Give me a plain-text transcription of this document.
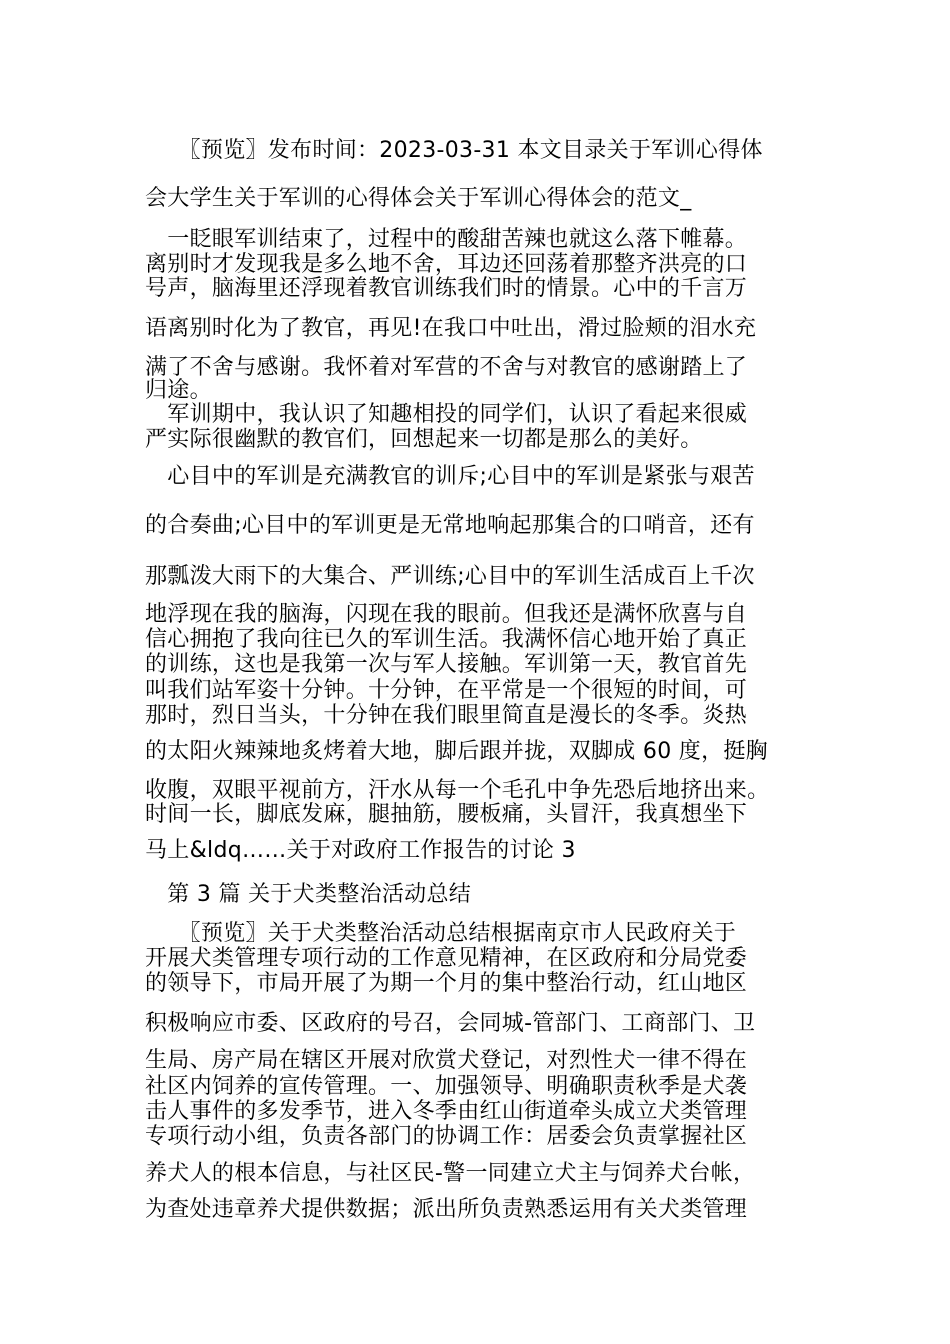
　　〖预览〗发布时间：2023-03-31 本文目录关于军训心得体
会大学生关于军训的心得体会关于军训心得体会的范文_
　一眨眼军训结束了，过程中的酸甜苦辣也就这么落下帷幕。
离别时才发现我是多么地不舍，耳边还回荡着那整齐洪亮的口
号声，脑海里还浮现着教官训练我们时的情景。心中的千言万
语离别时化为了教官，再见!在我口中吐出，滑过脸颊的泪水充
满了不舍与感谢。我怀着对军营的不舍与对教官的感谢踏上了
归途。
　军训期中，我认识了知趣相投的同学们，认识了看起来很威
严实际很幽默的教官们，回想起来一切都是那么的美好。
　心目中的军训是充满教官的训斥;心目中的军训是紧张与艰苦
的合奏曲;心目中的军训更是无常地响起那集合的口哨音，还有
那瓢泼大雨下的大集合、严训练;心目中的军训生活成百上千次
地浮现在我的脑海，闪现在我的眼前。但我还是满怀欣喜与自
信心拥抱了我向往已久的军训生活。我满怀信心地开始了真正
的训练，这也是我第一次与军人接触。军训第一天，教官首先
叫我们站军姿十分钟。十分钟，在平常是一个很短的时间，可
那时，烈日当头，十分钟在我们眼里简直是漫长的冬季。炎热
的太阳火辣辣地炙烤着大地，脚后跟并拢，双脚成 60 度，挺胸
收腹，双眼平视前方，汗水从每一个毛孔中争先恐后地挤出来。
时间一长，脚底发麻，腿抽筋，腰板痛，头冒汗，我真想坐下
马上&ldq……关于对政府工作报告的讨论 3
　第 3 篇 关于犬类整治活动总结
　　〖预览〗关于犬类整治活动总结根据南京市人民政府关于
开展犬类管理专项行动的工作意见精神，在区政府和分局党委
的领导下，市局开展了为期一个月的集中整治行动，红山地区
积极响应市委、区政府的号召，会同城-管部门、工商部门、卫
生局、房产局在辖区开展对欣赏犬登记，对烈性犬一律不得在
社区内饲养的宣传管理。一、加强领导、明确职责秋季是犬袭
击人事件的多发季节，进入冬季由红山街道牵头成立犬类管理
专项行动小组，负责各部门的协调工作：居委会负责掌握社区
养犬人的根本信息，与社区民-警一同建立犬主与饲养犬台帐，
为查处违章养犬提供数据；派出所负责熟悉运用有关犬类管理
